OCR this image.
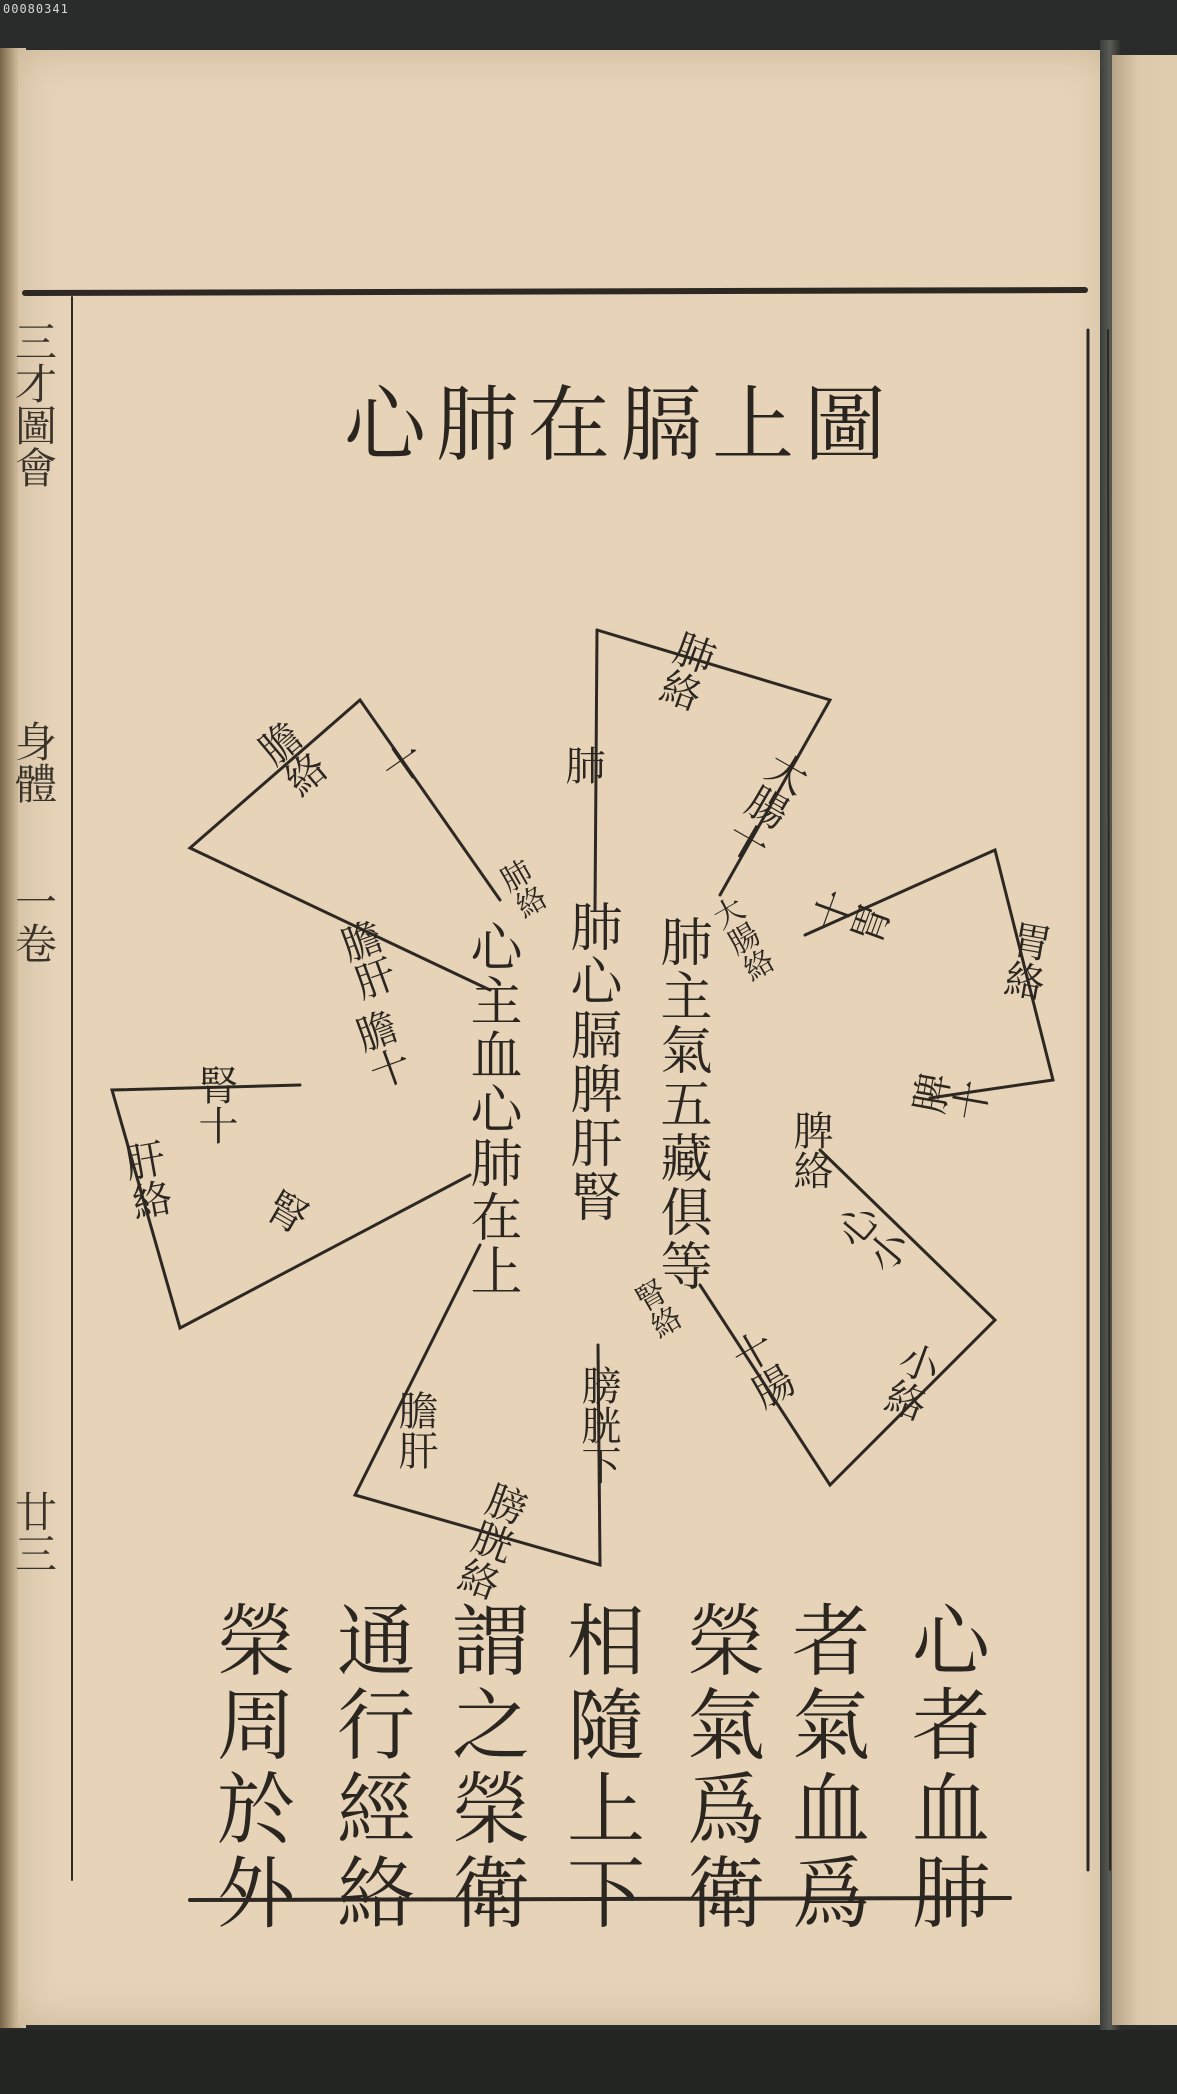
00080341
心肺在膈上圖
三才圖會
身體
一卷
廿三
心主血心肺在上 肺心膈脾肝腎 肺主氣五藏俱等
膀胱下
肺
肺絡
大腸十
大腸絡
膽絡 十
肺絡
膽肝
膽十
腎十
肝絡 腎
十胃 胃絡
脾十
脾絡
心小
小絡
十腸
腎絡
膽肝
膀胱絡
心者血肺
者氣血爲
榮氣爲衛
相隨上下
謂之榮衛
通行經絡
榮周於外
